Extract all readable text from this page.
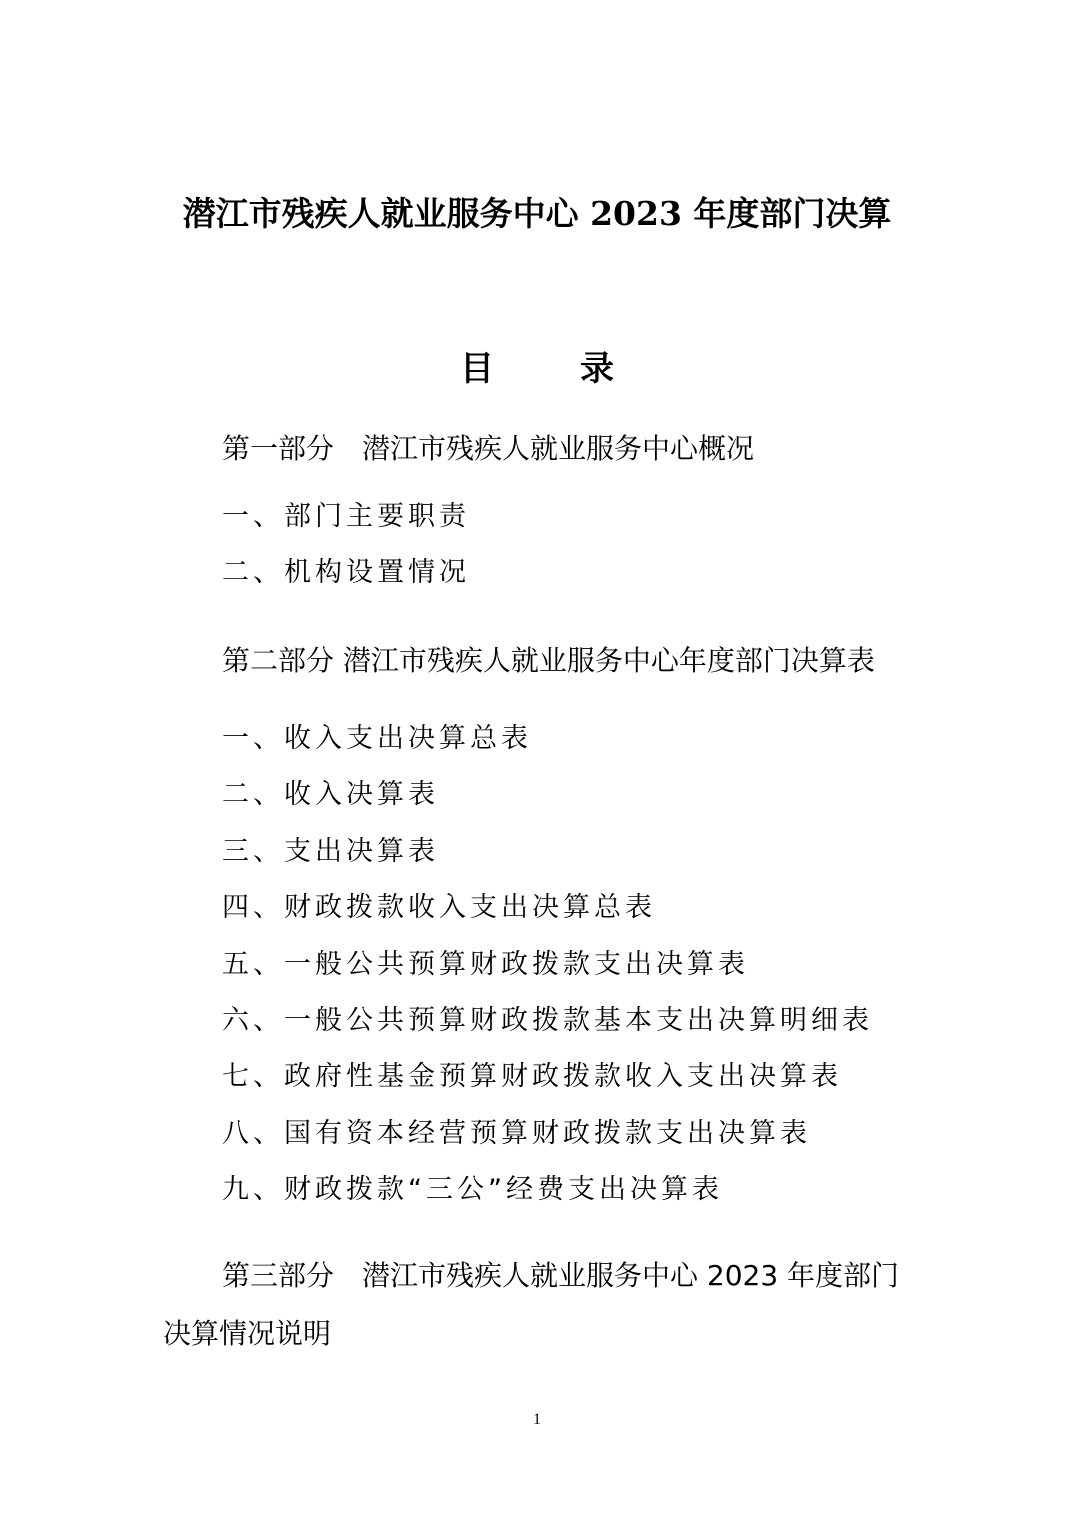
潜江市残疾人就业服务中心 2023 年度部门决算
目	录
第一部分　潜江市残疾人就业服务中心概况
一、部门主要职责
二、机构设置情况
第二部分 潜江市残疾人就业服务中心年度部门决算表
一、收入支出决算总表
二、收入决算表
三、支出决算表
四、财政拨款收入支出决算总表
五、一般公共预算财政拨款支出决算表
六、一般公共预算财政拨款基本支出决算明细表
七、政府性基金预算财政拨款收入支出决算表
八、国有资本经营预算财政拨款支出决算表
九、财政拨款“三公”经费支出决算表
第三部分　潜江市残疾人就业服务中心 2023 年度部门决算情况说明
1
